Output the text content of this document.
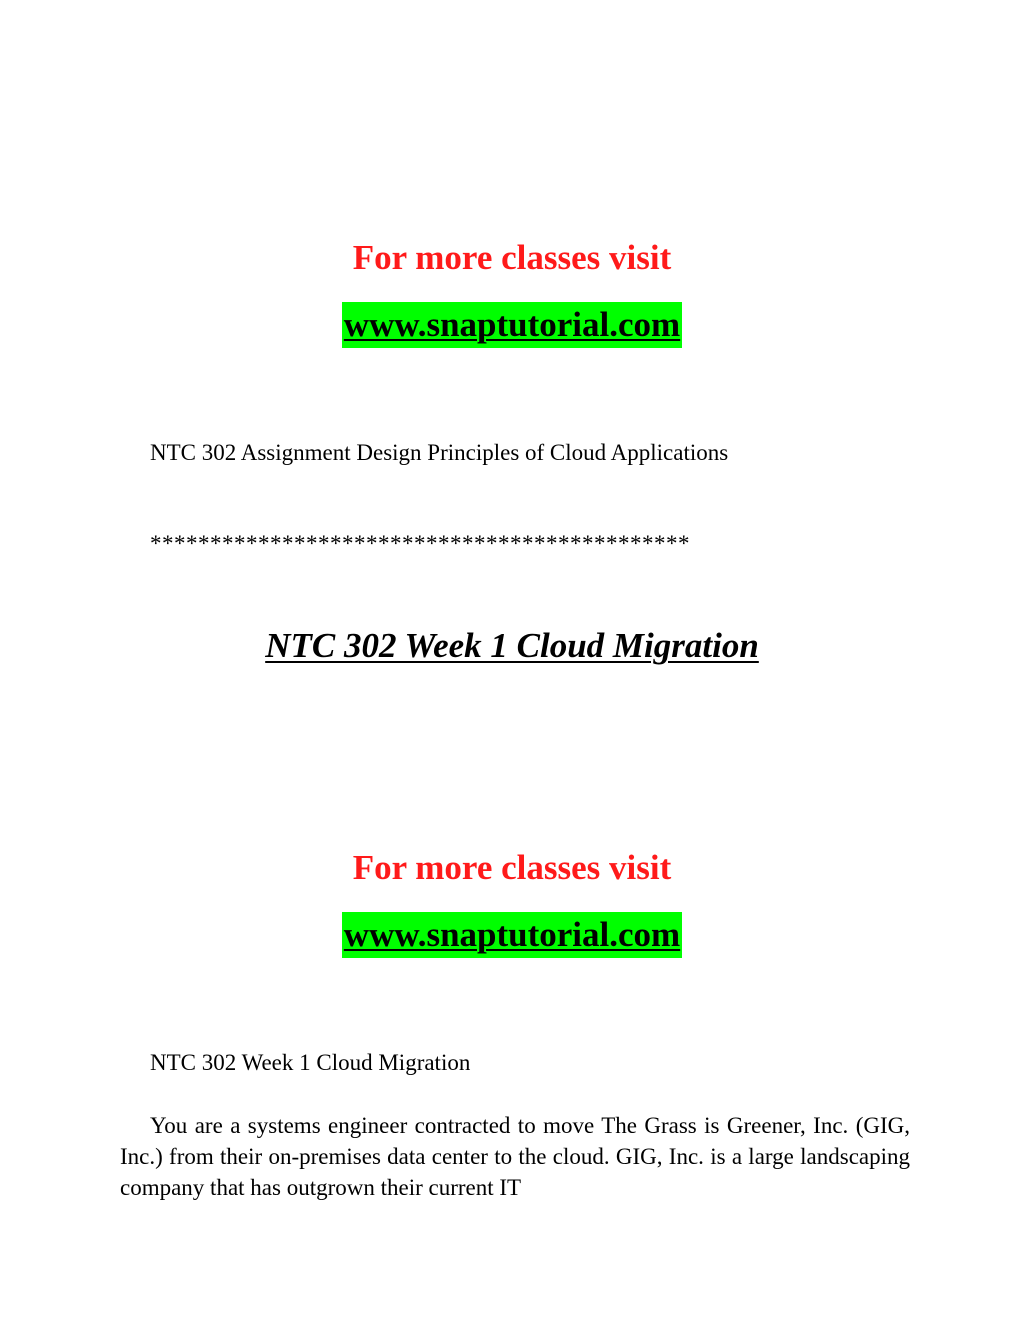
For more classes visit
www.snaptutorial.com
NTC 302 Assignment Design Principles of Cloud Applications
*********************************************
NTC 302 Week 1 Cloud Migration
For more classes visit
www.snaptutorial.com
NTC 302 Week 1 Cloud Migration
You are a systems engineer contracted to move The Grass is Greener, Inc. (GIG, Inc.) from their on-premises data center to the cloud. GIG, Inc. is a large landscaping company that has outgrown their current IT
